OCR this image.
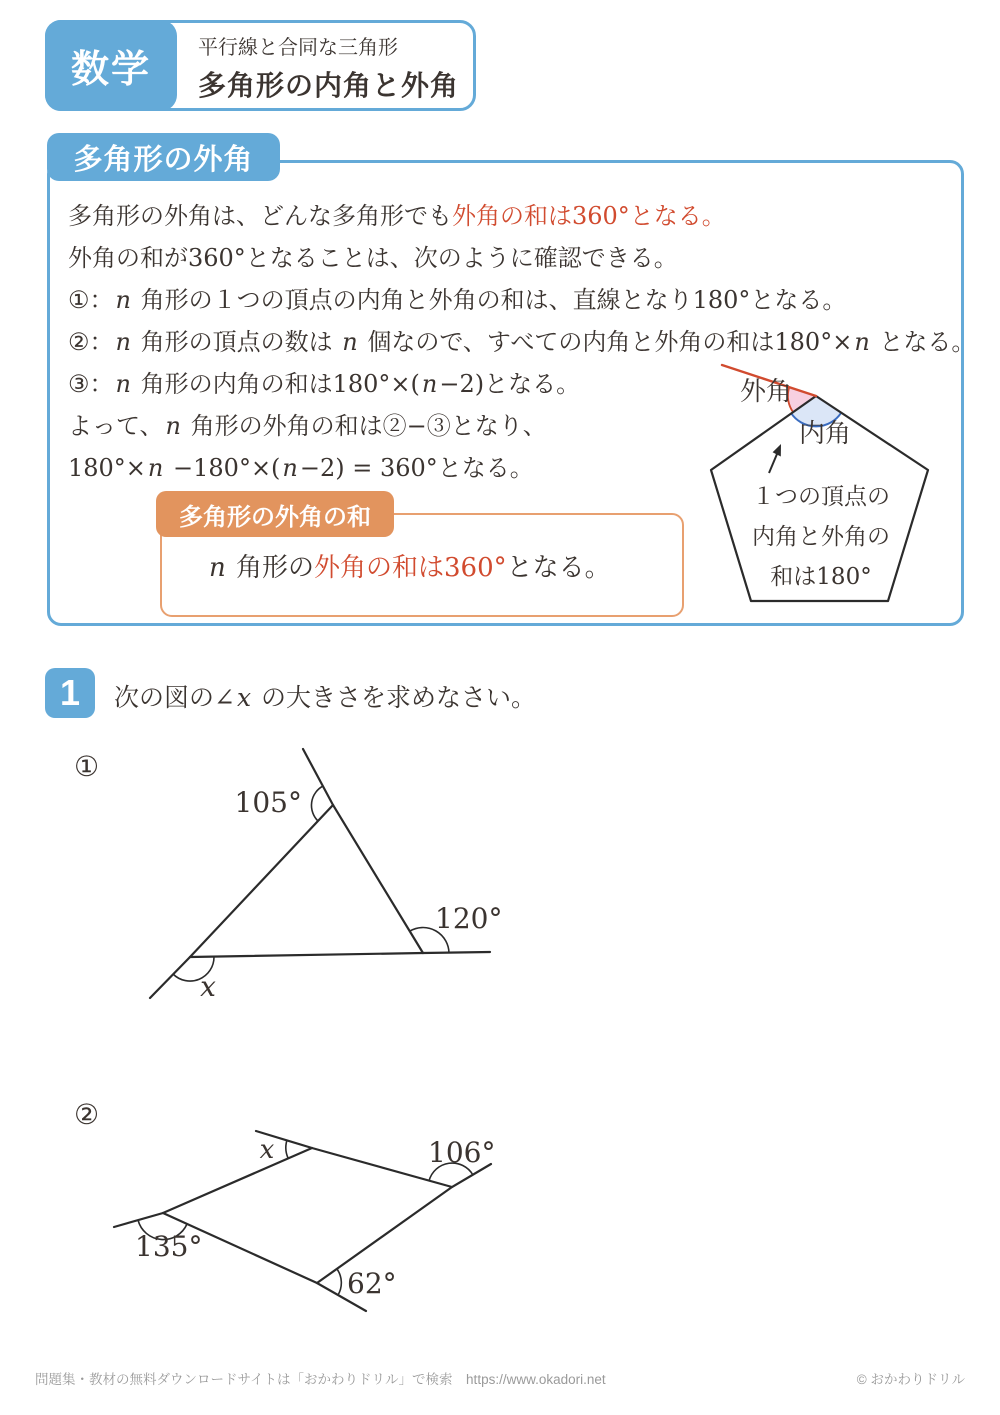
数学
平行線と合同な三角形
多角形の内角と外角
多角形の外角
多角形の外角は、どんな多角形でも外角の和は360°となる。
外角の和が360°となることは、次のように確認できる。
①：n 角形の１つの頂点の内角と外角の和は、直線となり180°となる。
②：n 角形の頂点の数は n 個なので、すべての内角と外角の和は180°×n となる。
③：n 角形の内角の和は180°×(n−2)となる。
よって、n 角形の外角の和は②−③となり、
180°×n −180°×(n−2) = 360°となる。
多角形の外角の和
n 角形の外角の和は360°となる。
外角
内角
１つの頂点の
内角と外角の
和は180°
1	次の図の∠x の大きさを求めなさい。
①
105°
120°
x
②
x	106°
62°
135°
問題集・教材の無料ダウンロードサイトは「おかわりドリル」で検索　https://www.okadori.net	© おかわりドリル
